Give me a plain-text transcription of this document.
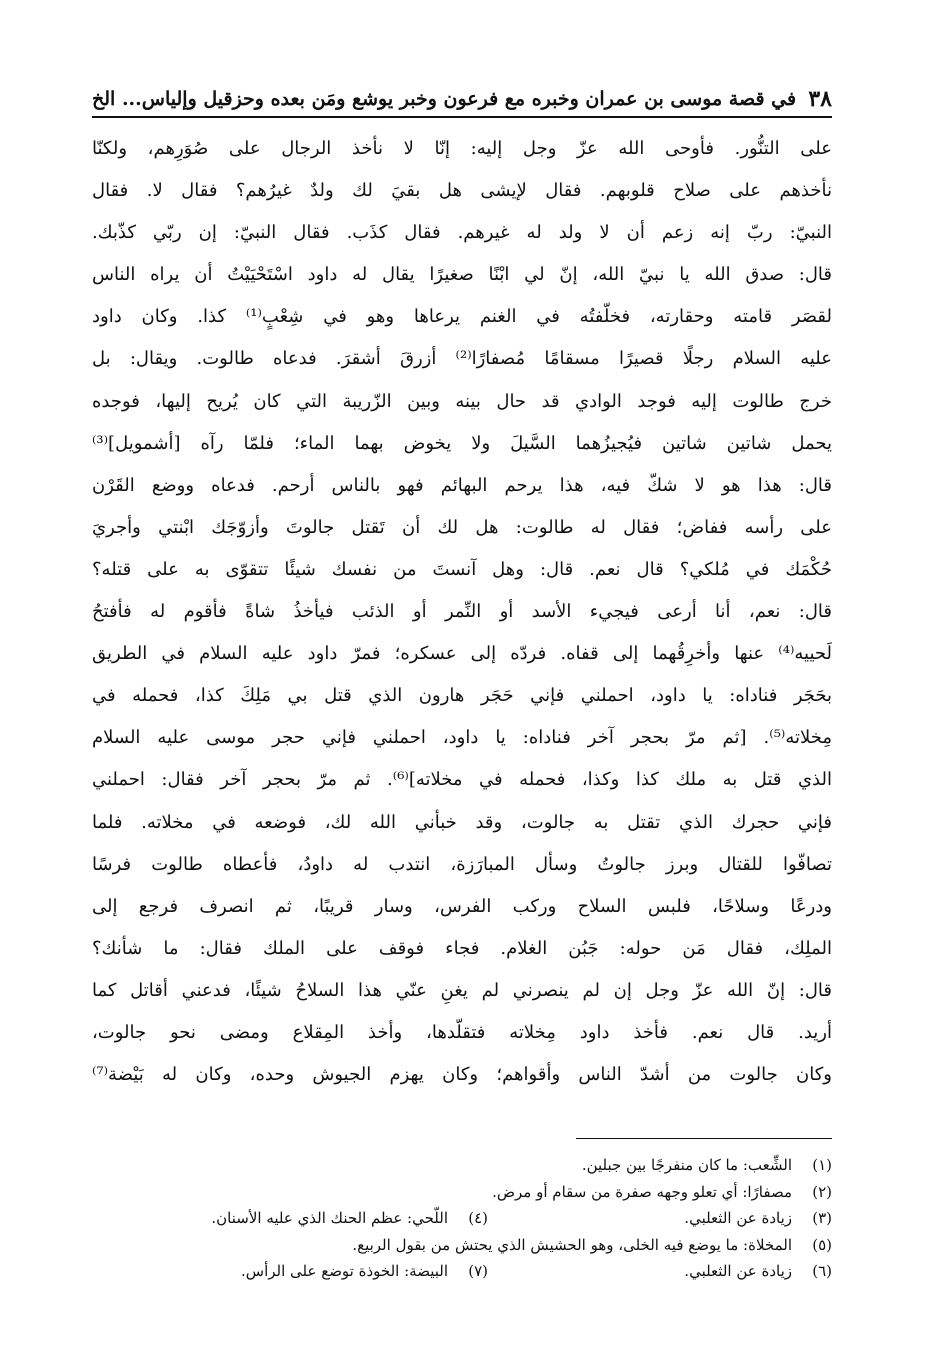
٣٨
في قصة موسى بن عمران وخبره مع فرعون وخبر يوشع ومَن بعده وحزقيل وإلياس... الخ
على التنُّور. فأوحى الله عزّ وجل إليه: إنّا لا نأخذ الرجال على صُوَرِهم، ولكنّا
نأخذهم على صلاح قلوبهم. فقال لإيشى هل بقيَ لك ولدٌ غيرُهم؟ فقال لا. فقال
النبيّ: ربّ إنه زعم أن لا ولد له غيرهم. فقال كذَب. فقال النبيّ: إن ربّي كذّبك.
قال: صدق الله يا نبيّ الله، إنّ لي ابْنًا صغيرًا يقال له داود اسْتَحْيَيْتُ أن يراه الناس
لقصَر قامته وحقارته، فخلّفتُه في الغنم يرعاها وهو في شِعْبٍ⁽¹⁾ كذا. وكان داود
عليه السلام رجلًا قصيرًا مسقامًا مُصفارًا⁽²⁾ أزرقَ أشقرَ. فدعاه طالوت. ويقال: بل
خرج طالوت إليه فوجد الوادي قد حال بينه وبين الزّريبة التي كان يُريح إليها، فوجده
يحمل شاتين شاتين فيُجيزُهما السَّيلَ ولا يخوض بهما الماء؛ فلمّا رآه [أشمويل]⁽³⁾
قال: هذا هو لا شكّ فيه، هذا يرحم البهائم فهو بالناس أرحم. فدعاه ووضع القَرْن
على رأسه ففاض؛ فقال له طالوت: هل لك أن تَقتل جالوتَ وأزوّجَك ابْنتي وأجريَ
حُكْمَك في مُلكي؟ قال نعم. قال: وهل آنستَ من نفسك شيئًا تتقوّى به على قتله؟
قال: نعم، أنا أرعى فيجيء الأسد أو النِّمر أو الذئب فيأخذُ شاةً فأقوم له فأفتحُ
لَحييه⁽⁴⁾ عنها وأخرِقُهما إلى قفاه. فردّه إلى عسكره؛ فمرّ داود عليه السلام في الطريق
بحَجَر فناداه: يا داود، احملني فإني حَجَر هارون الذي قتل بي مَلِكَ كذا، فحمله في
مِخلاته⁽⁵⁾. [ثم مرّ بحجر آخر فناداه: يا داود، احملني فإني حجر موسى عليه السلام
الذي قتل به ملك كذا وكذا، فحمله في مخلاته]⁽⁶⁾. ثم مرّ بحجر آخر فقال: احملني
فإني حجرك الذي تقتل به جالوت، وقد خبأني الله لك، فوضعه في مخلاته. فلما
تصافّوا للقتال وبرز جالوتُ وسأل المبارَزة، انتدب له داودُ، فأعطاه طالوت فرسًا
ودرعًا وسلاحًا، فلبس السلاح وركب الفرس، وسار قريبًا، ثم انصرف فرجع إلى
الملِك، فقال مَن حوله: جَبُن الغلام. فجاء فوقف على الملك فقال: ما شأنك؟
قال: إنّ الله عزّ وجل إن لم ينصرني لم يغنِ عنّي هذا السلاحُ شيئًا، فدعني أقاتل كما
أريد. قال نعم. فأخذ داود مِخلاته فتقلّدها، وأخذ المِقلاع ومضى نحو جالوت،
وكان جالوت من أشدّ الناس وأقواهم؛ وكان يهزم الجيوش وحده، وكان له بَيْضة⁽⁷⁾
(١)
الشِّعب: ما كان منفرجًا بين جبلين.
(٢)
مصفارًا: أي تعلو وجهه صفرة من سقام أو مرض.
(٣)
زيادة عن الثعلبي.
(٤)
اللّحي: عظم الحنك الذي عليه الأسنان.
(٥)
المخلاة: ما يوضع فيه الخلى، وهو الحشيش الذي يحتش من بقول الربيع.
(٦)
زيادة عن الثعلبي.
(٧)
البيضة: الخوذة توضع على الرأس.
